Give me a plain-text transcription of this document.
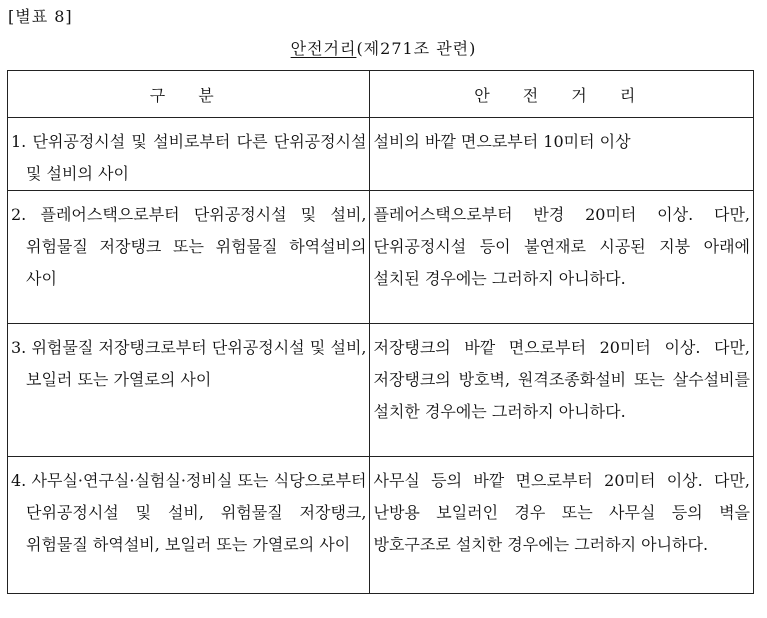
[별표 8]
안전거리(제271조 관련)
구 분	안 전 거 리

1. 단위공정시설 및 설비로부터 다른 단위공정시설 및 설비의 사이	설비의 바깥 면으로부터 10미터 이상

2. 플레어스택으로부터 단위공정시설 및 설비, 위험물질 저장탱크 또는 위험물질 하역설비의 사이	플레어스택으로부터 반경 20미터 이상. 다만, 단위공정시설 등이 불연재로 시공된 지붕 아래에 설치된 경우에는 그러하지 아니하다.

3. 위험물질 저장탱크로부터 단위공정시설 및 설비, 보일러 또는 가열로의 사이	저장탱크의 바깥 면으로부터 20미터 이상. 다만, 저장탱크의 방호벽, 원격조종화설비 또는 살수설비를 설치한 경우에는 그러하지 아니하다.

4. 사무실·연구실·실험실·정비실 또는 식당으로부터 단위공정시설 및 설비, 위험물질 저장탱크, 위험물질 하역설비, 보일러 또는 가열로의 사이	사무실 등의 바깥 면으로부터 20미터 이상. 다만, 난방용 보일러인 경우 또는 사무실 등의 벽을 방호구조로 설치한 경우에는 그러하지 아니하다.
